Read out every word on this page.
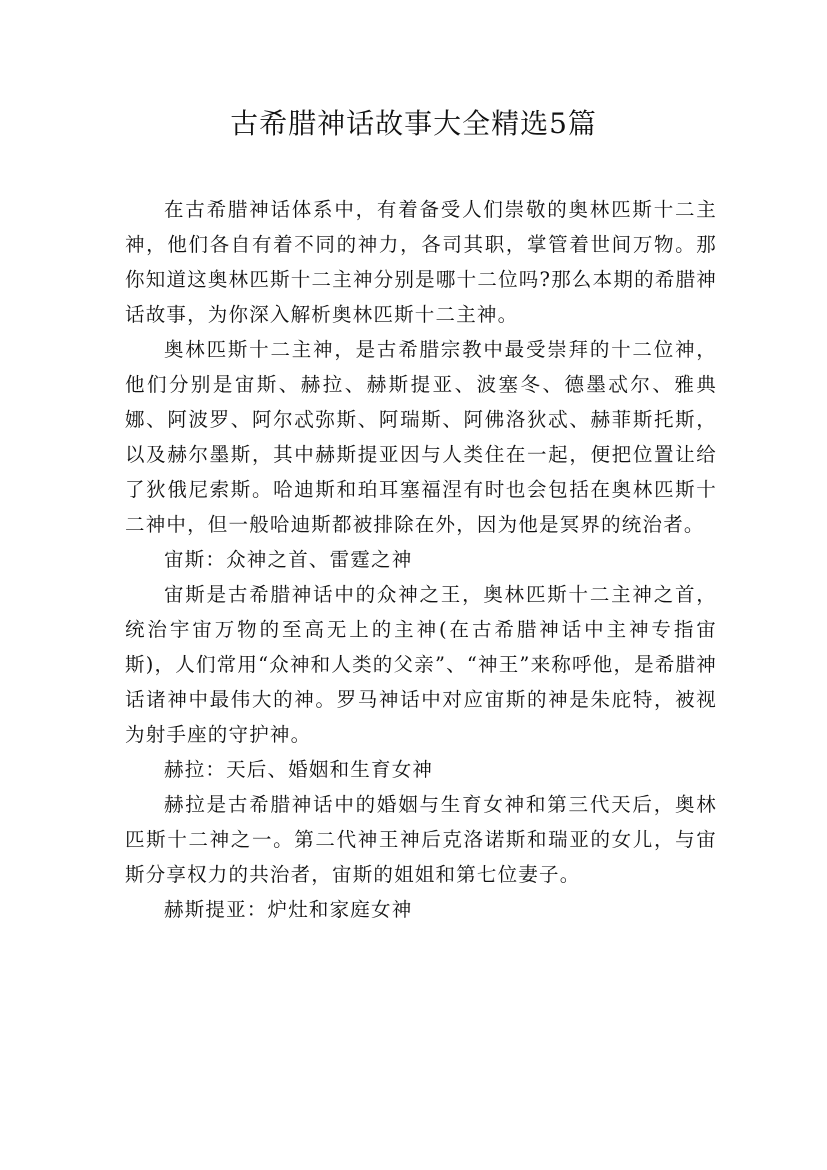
古希腊神话故事大全精选5篇

在古希腊神话体系中，有着备受人们崇敬的奥林匹斯十二主神，他们各自有着不同的神力，各司其职，掌管着世间万物。那你知道这奥林匹斯十二主神分别是哪十二位吗?那么本期的希腊神话故事，为你深入解析奥林匹斯十二主神。

奥林匹斯十二主神，是古希腊宗教中最受崇拜的十二位神，他们分别是宙斯、赫拉、赫斯提亚、波塞冬、德墨忒尔、雅典娜、阿波罗、阿尔忒弥斯、阿瑞斯、阿佛洛狄忒、赫菲斯托斯，以及赫尔墨斯，其中赫斯提亚因与人类住在一起，便把位置让给了狄俄尼索斯。哈迪斯和珀耳塞福涅有时也会包括在奥林匹斯十二神中，但一般哈迪斯都被排除在外，因为他是冥界的统治者。

宙斯：众神之首、雷霆之神

宙斯是古希腊神话中的众神之王，奥林匹斯十二主神之首，统治宇宙万物的至高无上的主神(在古希腊神话中主神专指宙斯)，人们常用“众神和人类的父亲”、“神王”来称呼他，是希腊神话诸神中最伟大的神。罗马神话中对应宙斯的神是朱庇特，被视为射手座的守护神。

赫拉：天后、婚姻和生育女神

赫拉是古希腊神话中的婚姻与生育女神和第三代天后，奥林匹斯十二神之一。第二代神王神后克洛诺斯和瑞亚的女儿，与宙斯分享权力的共治者，宙斯的姐姐和第七位妻子。

赫斯提亚：炉灶和家庭女神
